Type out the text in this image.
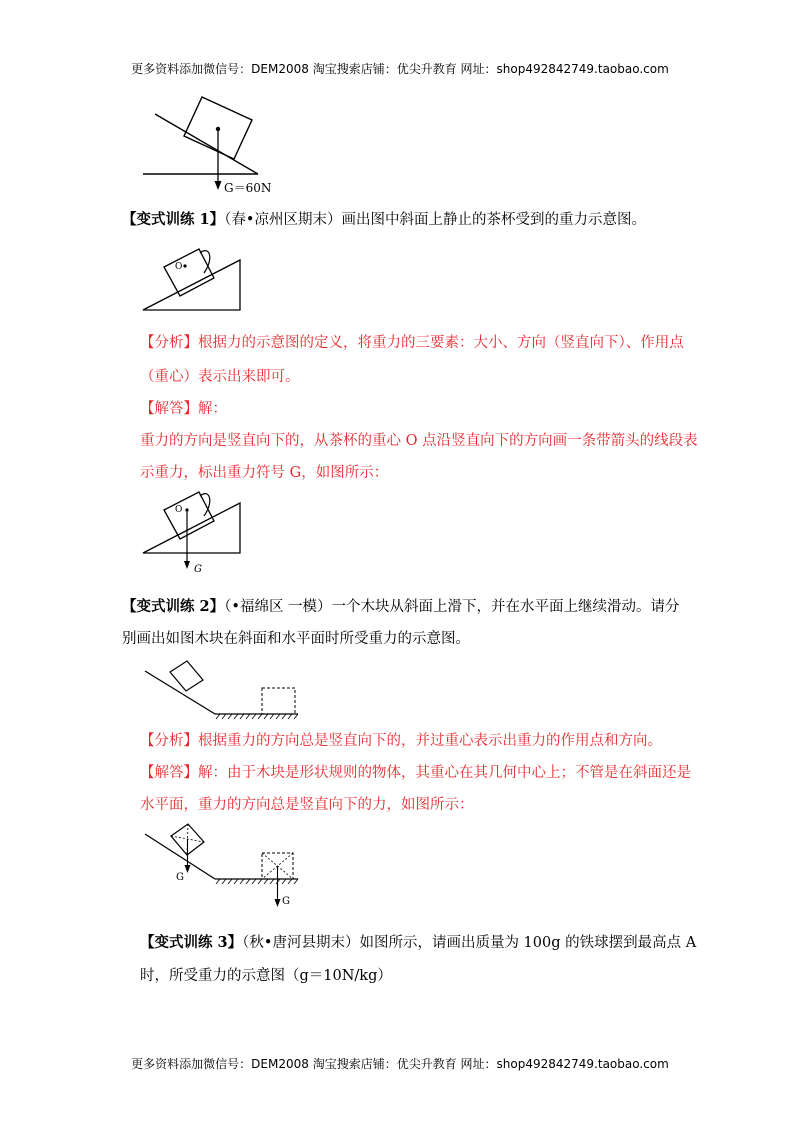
更多资料添加微信号：DEM2008 淘宝搜索店铺：优尖升教育 网址：shop492842749.taobao.com
G＝60N
【变式训练 1】（春•凉州区期末）画出图中斜面上静止的茶杯受到的重力示意图。
O
【分析】根据力的示意图的定义，将重力的三要素：大小、方向（竖直向下）、作用点
（重心）表示出来即可。
【解答】解：
重力的方向是竖直向下的，从茶杯的重心 O 点沿竖直向下的方向画一条带箭头的线段表
示重力，标出重力符号 G，如图所示：
O
G
【变式训练 2】（•福绵区 一模）一个木块从斜面上滑下，并在水平面上继续滑动。请分
别画出如图木块在斜面和水平面时所受重力的示意图。
【分析】根据重力的方向总是竖直向下的，并过重心表示出重力的作用点和方向。
【解答】解：由于木块是形状规则的物体，其重心在其几何中心上；不管是在斜面还是
水平面，重力的方向总是竖直向下的力，如图所示：
G
G
【变式训练 3】（秋•唐河县期末）如图所示，请画出质量为 100g 的铁球摆到最高点 A
时，所受重力的示意图（g＝10N/kg）
更多资料添加微信号：DEM2008 淘宝搜索店铺：优尖升教育 网址：shop492842749.taobao.com
